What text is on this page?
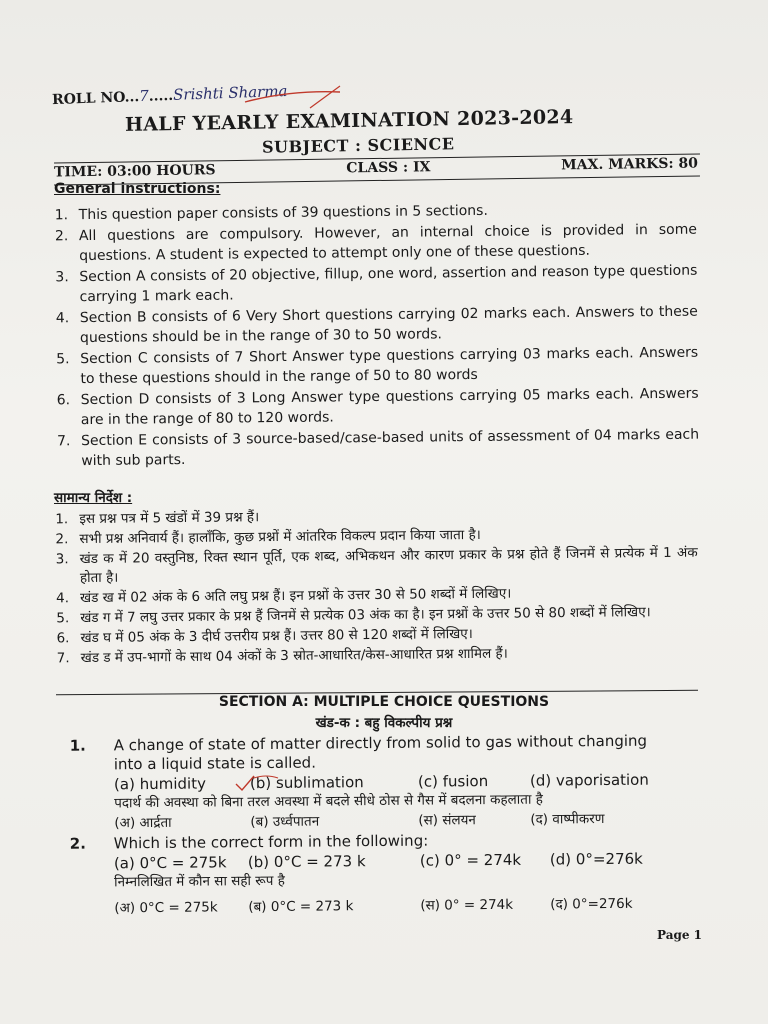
ROLL NO...7.....Srishti Sharma
HALF YEARLY EXAMINATION 2023-2024
SUBJECT : SCIENCE
TIME: 03:00 HOURS	CLASS : IX	MAX. MARKS: 80
General instructions:
1. This question paper consists of 39 questions in 5 sections.
2. All questions are compulsory. However, an internal choice is provided in some questions. A student is expected to attempt only one of these questions.
3. Section A consists of 20 objective, fillup, one word, assertion and reason type questions carrying 1 mark each.
4. Section B consists of 6 Very Short questions carrying 02 marks each. Answers to these questions should be in the range of 30 to 50 words.
5. Section C consists of 7 Short Answer type questions carrying 03 marks each. Answers to these questions should in the range of 50 to 80 words
6. Section D consists of 3 Long Answer type questions carrying 05 marks each. Answers are in the range of 80 to 120 words.
7. Section E consists of 3 source-based/case-based units of assessment of 04 marks each with sub parts.
सामान्य निर्देश :
1. इस प्रश्न पत्र में 5 खंडों में 39 प्रश्न हैं।
2. सभी प्रश्न अनिवार्य हैं। हालाँकि, कुछ प्रश्नों में आंतरिक विकल्प प्रदान किया जाता है।
3. खंड क में 20 वस्तुनिष्ठ, रिक्त स्थान पूर्ति, एक शब्द, अभिकथन और कारण प्रकार के प्रश्न होते हैं जिनमें से प्रत्येक में 1 अंक होता है।
4. खंड ख में 02 अंक के 6 अति लघु प्रश्न हैं। इन प्रश्नों के उत्तर 30 से 50 शब्दों में लिखिए।
5. खंड ग में 7 लघु उत्तर प्रकार के प्रश्न हैं जिनमें से प्रत्येक 03 अंक का है। इन प्रश्नों के उत्तर 50 से 80 शब्दों में लिखिए।
6. खंड घ में 05 अंक के 3 दीर्घ उत्तरीय प्रश्न हैं। उत्तर 80 से 120 शब्दों में लिखिए।
7. खंड ड में उप-भागों के साथ 04 अंकों के 3 स्रोत-आधारित/केस-आधारित प्रश्न शामिल हैं।
SECTION A: MULTIPLE CHOICE QUESTIONS
खंड-क : बहु विकल्पीय प्रश्न
1. A change of state of matter directly from solid to gas without changing
into a liquid state is called.
(a) humidity	(b) sublimation	(c) fusion	(d) vaporisation
पदार्थ की अवस्था को बिना तरल अवस्था में बदले सीधे ठोस से गैस में बदलना कहलाता है
(अ) आर्द्रता	(ब) उर्ध्वपातन	(स) संलयन	(द) वाष्पीकरण
2. Which is the correct form in the following:
(a) 0°C = 275k	(b) 0°C = 273 k	(c) 0° = 274k	(d) 0°=276k
निम्नलिखित में कौन सा सही रूप है
(अ) 0°C = 275k	(ब) 0°C = 273 k	(स) 0° = 274k	(द) 0°=276k
Page 1
